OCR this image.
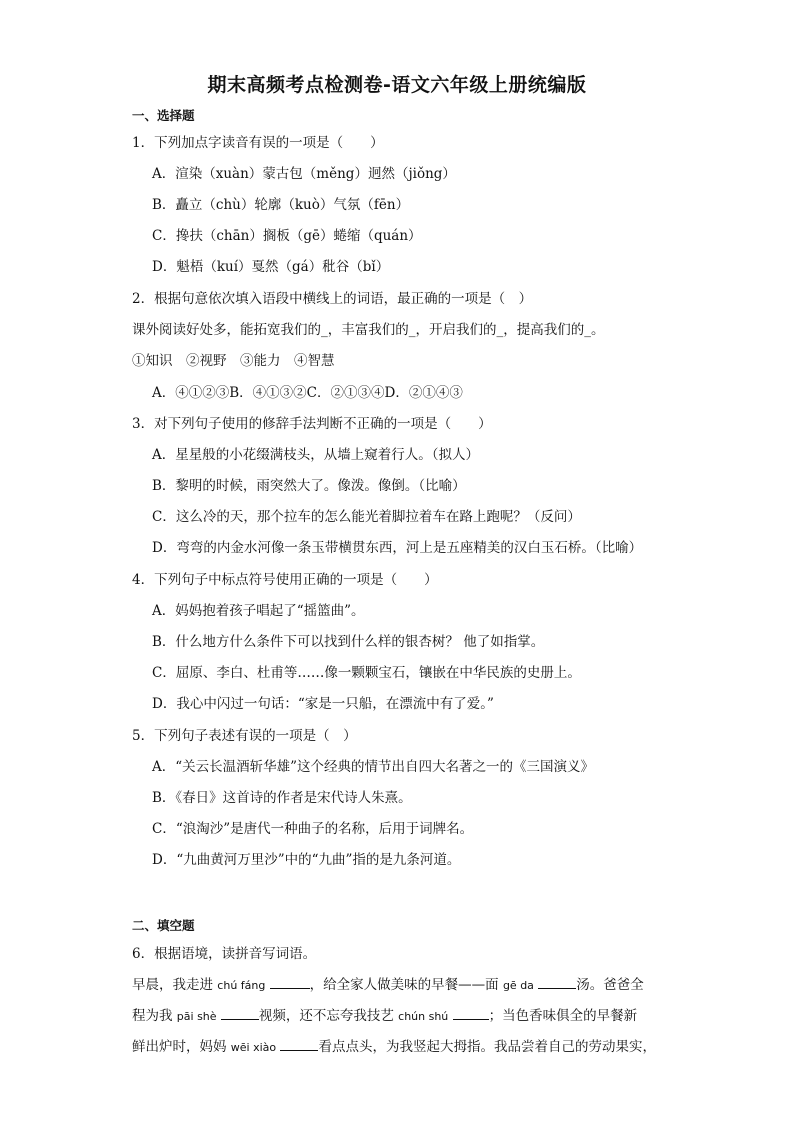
期末高频考点检测卷-语文六年级上册统编版
一、选择题
1．下列加点字读音有误的一项是（　　）
A．渲染（xuàn）蒙古包（měng）迥然（jiǒng）
B．矗立（chù）轮廓（kuò）气氛（fēn）
C．搀扶（chān）搁板（gē）蜷缩（quán）
D．魁梧（kuí）戛然（gá）秕谷（bǐ）
2．根据句意依次填入语段中横线上的词语，最正确的一项是（　）
课外阅读好处多，能拓宽我们的_，丰富我们的_，开启我们的_，提高我们的_。
①知识　②视野　③能力　④智慧
A．④①②③B．④①③②C．②①③④D．②①④③
3．对下列句子使用的修辞手法判断不正确的一项是（　　）
A．星星般的小花缀满枝头，从墙上窥着行人。（拟人）
B．黎明的时候，雨突然大了。像泼。像倒。（比喻）
C．这么冷的天，那个拉车的怎么能光着脚拉着车在路上跑呢？（反问）
D．弯弯的内金水河像一条玉带横贯东西，河上是五座精美的汉白玉石桥。（比喻）
4．下列句子中标点符号使用正确的一项是（　　）
A．妈妈抱着孩子唱起了“摇篮曲”。
B．什么地方什么条件下可以找到什么样的银杏树？ 他了如指掌。
C．屈原、李白、杜甫等……像一颗颗宝石，镶嵌在中华民族的史册上。
D．我心中闪过一句话：“家是一只船，在漂流中有了爱。”
5．下列句子表述有误的一项是（　）
A．“关云长温酒斩华雄”这个经典的情节出自四大名著之一的《三国演义》
B．《春日》这首诗的作者是宋代诗人朱熹。
C．“浪淘沙”是唐代一种曲子的名称，后用于词牌名。
D．“九曲黄河万里沙”中的“九曲”指的是九条河道。
二、填空题
6．根据语境，读拼音写词语。
早晨，我走进 chú fáng	，给全家人做美味的早餐——面 gē da	汤。爸爸全
程为我 pāi shè	视频，还不忘夸我技艺 chún shú	；当色香味俱全的早餐新
鲜出炉时，妈妈 wēi xiào	看点点头，为我竖起大拇指。我品尝着自己的劳动果实，
